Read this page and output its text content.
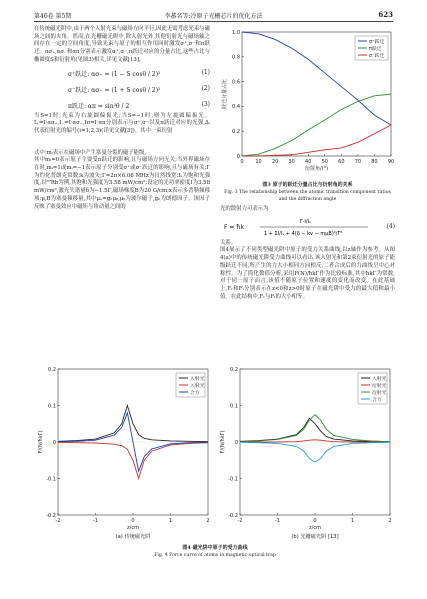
第46卷 第5期	李蕃名等:冷原子光栅芯片的优化方法	623

在传统磁光阱中,由于两个入射光束与磁场方向平行,因此无需考虑光束与磁场之间的夹角。然而,在光栅磁光阱中,除入射光外,其他衍射光与磁场轴之间存在一定的空间角度,导致光束与原子的相互作用同时激发σ⁺,σ⁻和π跃迁。ασ₊,ασ₋和απ分别表示激发σ⁺,σ⁻,π跃迁对应的分量占比,这些占比与椭圆度S和衍射角(见图3)相关,详见文献[13]。

σ⁺跃迁: ασ₊ = (1 − S cosθ / 2)²	(1)
σ⁻跃迁: ασ₋ = (1 + S cosθ / 2)²	(2)
π跃迁: απ = sin²θ / 2	(3)

当S=1时,光束为右旋圆偏振光;当S=−1时,则为左旋圆偏振光。I₊=I·ασ₊,I₋=I·ασ₋,Iπ=I·απ分别表示与σ⁺,σ⁻以及π跃迁对应的光强,Δᵢ代表衍射光的编号(i=1,2,3)(详见文献[3])。其中一束衍射

式中:mᵢ表示在磁场中产生塞曼分裂的磁子能级,

其中mᵢ=0表示原子主要受π跃迁的影响,且与磁场方向无关;当外界磁场存在时,mᵢ=1或mᵢ=−1表示原子分别受σ⁺或σ⁻跃迁的影响,且与磁场有关;Γ为约化普朗克常数;k为波矢;Γ=2π×6.06 MHz为自然线宽;Iₛ为饱和光强度,以⁸⁷Rb为例,其饱和光强度为3.58 mW/cm²;设定的光功率密度I为3.58 mW/cm²,激光失谐量δ为−1.5Γ,磁场梯度B为20 G/cm;x表示多普勒频移项;μ,B为塞曼频移量,其中μₙ=gₙμᵦ,μᵦ为玻尔磁子,gₙ为朗德因子。该因子反映了塞曼效应中磁矩与角动量之间的

0 10 20 30 40 50 60 70 80 90
0
0.2
0.4
0.6
0.8
1.0
σ⁺跃迁
π跃迁
σ⁻跃迁
衍射角/(°)
跃迁分量占比
图3 原子的跃迁分量占比与衍射角的关系
Fig. 3 The relationship between the atomic transition component ratios and the diffraction angle

光的散射力可表示为

F = ħk
Γ·I/Iₛ
1 + ΣI/Iₛ + 4(δ − kv − mμB)²/Γ²
(4)

关系。

图4展示了不同类型磁光阱中原子的受力关系曲线,以z轴作为参考。从图4(a)中的传统磁光阱受力曲线可以看出,该入射光和第2束衍射光的原子能级跃迁不同,所产生的力大小相同方向相反,二者合成后的力曲线呈中心对称性。为了简化数值分析,采用F(N)/ħkΓ作为比较标准,其中ħkΓ为常数,对于同一原子而言,该值不随原子位置和速度的变化而改变。在此基础上,Fᵣ和Fₗ分别表示在z<0和z>0时原子在磁光阱中受力的最大值和最小值。在此结构中,Fᵣ与Fₗ的大小相等。

-2	-1	0	1	2
-0.2
-0.1
0
0.1
0.2
入射光
入射光
合力
z/cm
F/(N/ħkΓ)
(a) 传统磁光阱
-2	-1	0	1	2
-0.2
-0.1
0
0.1
0.2
入射光
衍射光
衍射光
合力
z/cm
F/(N/ħkΓ)
(b) 光栅磁光阱 [13]
图4 磁光阱中原子的受力曲线
Fig. 4 Force curve of atoms in magnetic-optical trap
